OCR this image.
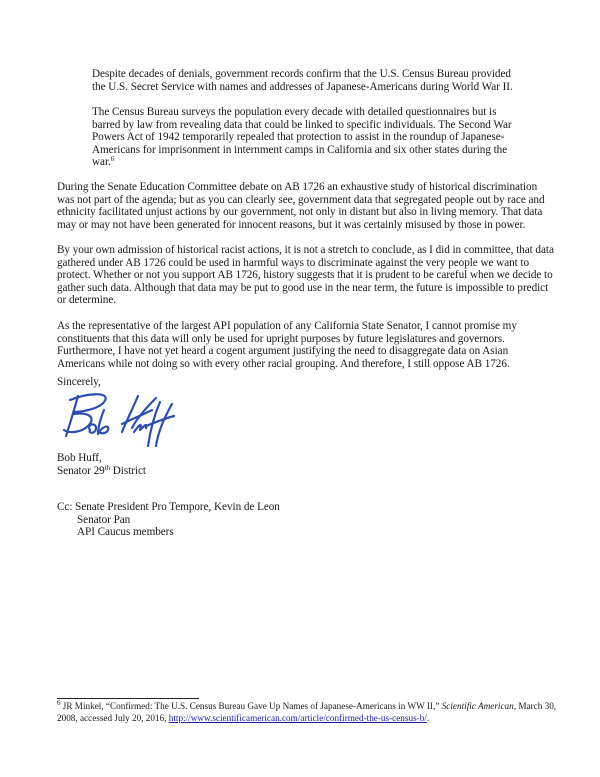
Despite decades of denials, government records confirm that the U.S. Census Bureau provided
the U.S. Secret Service with names and addresses of Japanese-Americans during World War II.
The Census Bureau surveys the population every decade with detailed questionnaires but is
barred by law from revealing data that could be linked to specific individuals. The Second War
Powers Act of 1942 temporarily repealed that protection to assist in the roundup of Japanese-
Americans for imprisonment in internment camps in California and six other states during the
war.$^6$
During the Senate Education Committee debate on AB 1726 an exhaustive study of historical discrimination
was not part of the agenda; but as you can clearly see, government data that segregated people out by race and
ethnicity facilitated unjust actions by our government, not only in distant but also in living memory. That data
may or may not have been generated for innocent reasons, but it was certainly misused by those in power.
By your own admission of historical racist actions, it is not a stretch to conclude, as I did in committee, that data
gathered under AB 1726 could be used in harmful ways to discriminate against the very people we want to
protect. Whether or not you support AB 1726, history suggests that it is prudent to be careful when we decide to
gather such data. Although that data may be put to good use in the near term, the future is impossible to predict
or determine.
As the representative of the largest API population of any California State Senator, I cannot promise my
constituents that this data will only be used for upright purposes by future legislatures and governors.
Furthermore, I have not yet heard a cogent argument justifying the need to disaggregate data on Asian
Americans while not doing so with every other racial grouping. And therefore, I still oppose AB 1726.
Sincerely,
Bob Huff,
Senator 29th District
Cc: Senate President Pro Tempore, Kevin de Leon
Senator Pan
API Caucus members
$^6$ JR Minkel, “Confirmed: The U.S. Census Bureau Gave Up Names of Japanese-Americans in WW II,” Scientific American, March 30, 2008, accessed July 20, 2016, http://www.scientificamerican.com/article/confirmed-the-us-census-b/.
